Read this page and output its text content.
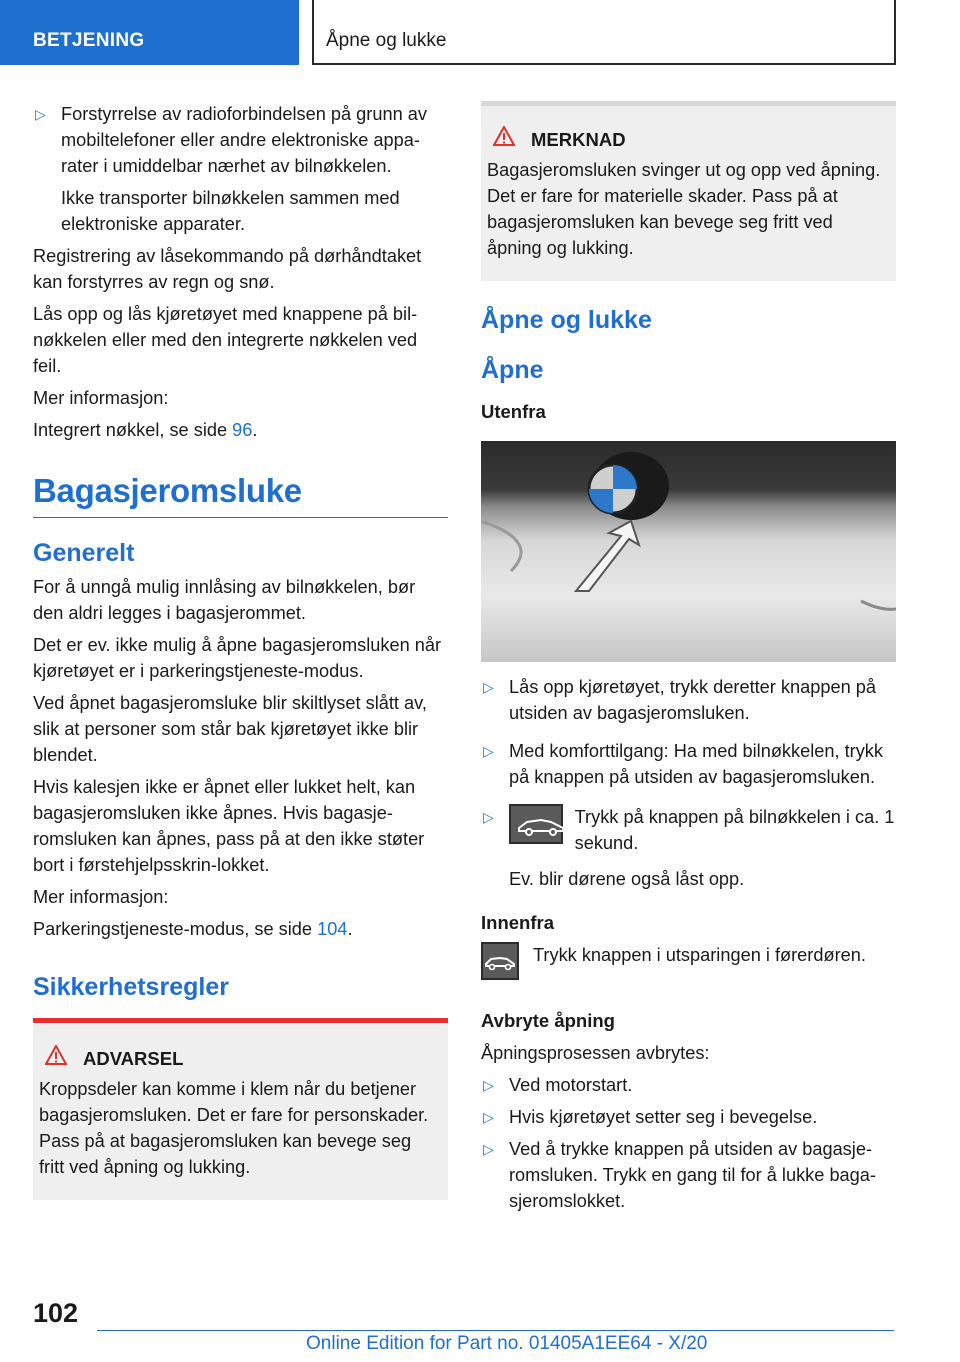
BETJENING	Åpne og lukke
▷ Forstyrrelse av radioforbindelsen på grunn av mobiltelefoner eller andre elektroniske apparater i umiddelbar nærhet av bilnøkkelen.
Ikke transporter bilnøkkelen sammen med elektroniske apparater.

Registrering av låsekommando på dørhåndtaket kan forstyrres av regn og snø.

Lås opp og lås kjøretøyet med knappene på bilnøkkelen eller med den integrerte nøkkelen ved feil.

Mer informasjon:

Integrert nøkkel, se side 96.

Bagasjeromsluke
Generelt

For å unngå mulig innlåsing av bilnøkkelen, bør den aldri legges i bagasjerommet.

Det er ev. ikke mulig å åpne bagasjeromsluken når kjøretøyet er i parkeringstjeneste-modus.

Ved åpnet bagasjeromsluke blir skiltlyset slått av, slik at personer som står bak kjøretøyet ikke blir blendet.

Hvis kalesjen ikke er åpnet eller lukket helt, kan bagasjeromsluken ikke åpnes. Hvis bagasjeromsluken kan åpnes, pass på at den ikke støter bort i førstehjelpsskrin-lokket.

Mer informasjon:

Parkeringstjeneste-modus, se side 104.

Sikkerhetsregler
ADVARSEL
Kroppsdeler kan komme i klem når du betjener bagasjeromsluken. Det er fare for personskader. Pass på at bagasjeromsluken kan bevege seg fritt ved åpning og lukking.
MERKNAD
Bagasjeromsluken svinger ut og opp ved åpning. Det er fare for materielle skader. Pass på at bagasjeromsluken kan bevege seg fritt ved åpning og lukking.
Åpne og lukke
Åpne
Utenfra
▷ Lås opp kjøretøyet, trykk deretter knappen på utsiden av bagasjeromsluken.
▷ Med komforttilgang: Ha med bilnøkkelen, trykk på knappen på utsiden av bagasjeromsluken.
▷	Trykk på knappen på bilnøkkelen i ca. 1 sekund.
Ev. blir dørene også låst opp.
Innenfra
Trykk knappen i utsparingen i førerdøren.
Avbryte åpning

Åpningsprosessen avbrytes:

▷ Ved motorstart.
▷ Hvis kjøretøyet setter seg i bevegelse.
▷ Ved å trykke knappen på utsiden av bagasjeromsluken. Trykk en gang til for å lukke bagasjeromslokket.
102
Online Edition for Part no. 01405A1EE64 - X/20
